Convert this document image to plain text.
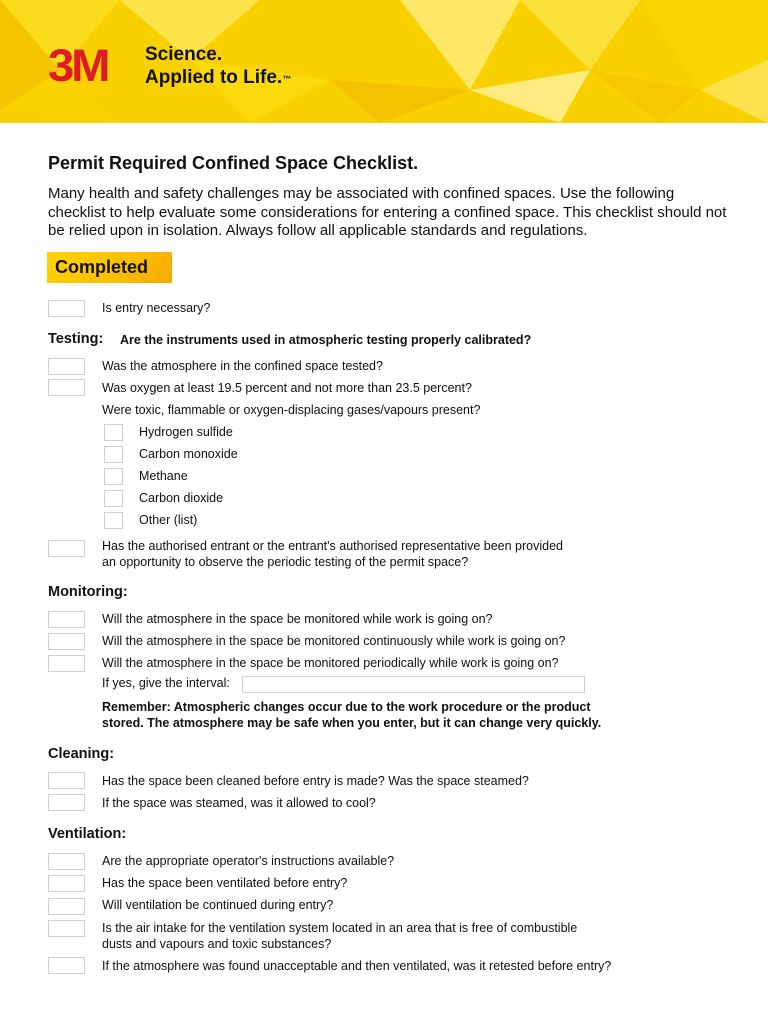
3M Science.
Applied to Life.™
Permit Required Confined Space Checklist.
Many health and safety challenges may be associated with confined spaces. Use the following checklist to help evaluate some considerations for entering a confined space. This checklist should not be relied upon in isolation. Always follow all applicable standards and regulations.
Completed
Is entry necessary?
Testing: Are the instruments used in atmospheric testing properly calibrated?
Was the atmosphere in the confined space tested?
Was oxygen at least 19.5 percent and not more than 23.5 percent?
Were toxic, flammable or oxygen-displacing gases/vapours present?
Hydrogen sulfide
Carbon monoxide
Methane
Carbon dioxide
Other (list)
Has the authorised entrant or the entrant's authorised representative been provided
an opportunity to observe the periodic testing of the permit space?
Monitoring:
Will the atmosphere in the space be monitored while work is going on?
Will the atmosphere in the space be monitored continuously while work is going on?
Will the atmosphere in the space be monitored periodically while work is going on?
If yes, give the interval:
Remember: Atmospheric changes occur due to the work procedure or the product
stored. The atmosphere may be safe when you enter, but it can change very quickly.
Cleaning:
Has the space been cleaned before entry is made? Was the space steamed?
If the space was steamed, was it allowed to cool?
Ventilation:
Are the appropriate operator's instructions available?
Has the space been ventilated before entry?
Will ventilation be continued during entry?
Is the air intake for the ventilation system located in an area that is free of combustible
dusts and vapours and toxic substances?
If the atmosphere was found unacceptable and then ventilated, was it retested before entry?
